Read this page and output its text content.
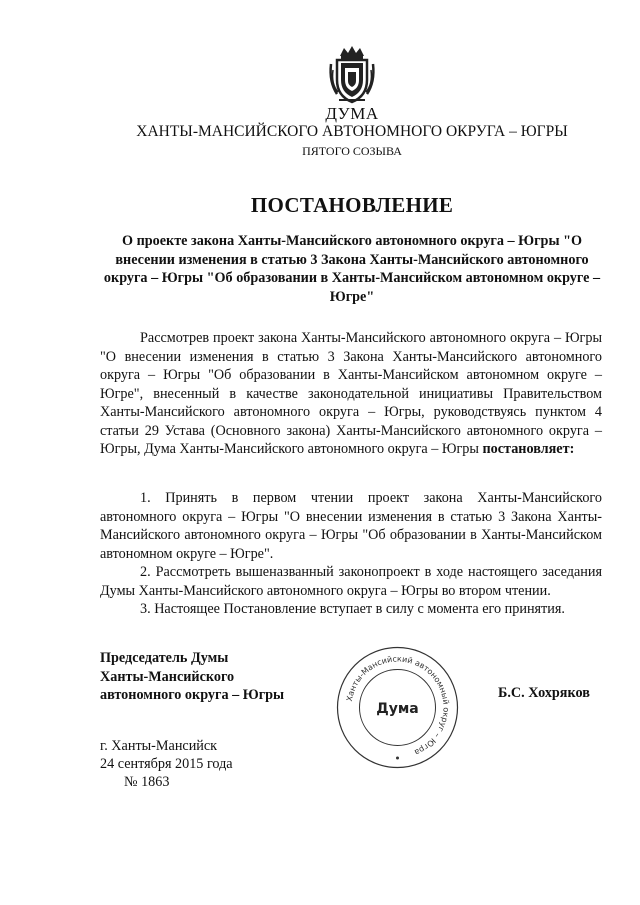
ДУМА
ХАНТЫ-МАНСИЙСКОГО АВТОНОМНОГО ОКРУГА – ЮГРЫ
ПЯТОГО СОЗЫВА
ПОСТАНОВЛЕНИЕ
О проекте закона Ханты-Мансийского автономного округа – Югры "О внесении изменения в статью 3 Закона Ханты-Мансийского автономного округа – Югры "Об образовании в Ханты-Мансийском автономном округе – Югре"
Рассмотрев проект закона Ханты-Мансийского автономного округа – Югры "О внесении изменения в статью 3 Закона Ханты-Мансийского автономного округа – Югры "Об образовании в Ханты-Мансийском автономном округе – Югре", внесенный в качестве законодательной инициативы Правительством Ханты-Мансийского автономного округа – Югры, руководствуясь пунктом 4 статьи 29 Устава (Основного закона) Ханты-Мансийского автономного округа – Югры, Дума Ханты-Мансийского автономного округа – Югры постановляет:

1. Принять в первом чтении проект закона Ханты-Мансийского автономного округа – Югры "О внесении изменения в статью 3 Закона Ханты-Мансийского автономного округа – Югры "Об образовании в Ханты-Мансийском автономном округе – Югре".

2. Рассмотреть вышеназванный законопроект в ходе настоящего заседания Думы Ханты-Мансийского автономного округа – Югры во втором чтении.

3. Настоящее Постановление вступает в силу с момента его принятия.

Председатель Думы
Ханты-Мансийского
автономного округа – Югры	Ханты-Мансийский автономный округ – Югра
Дума
Б.С. Хохряков
г. Ханты-Мансийск
24 сентября 2015 года
№ 1863
